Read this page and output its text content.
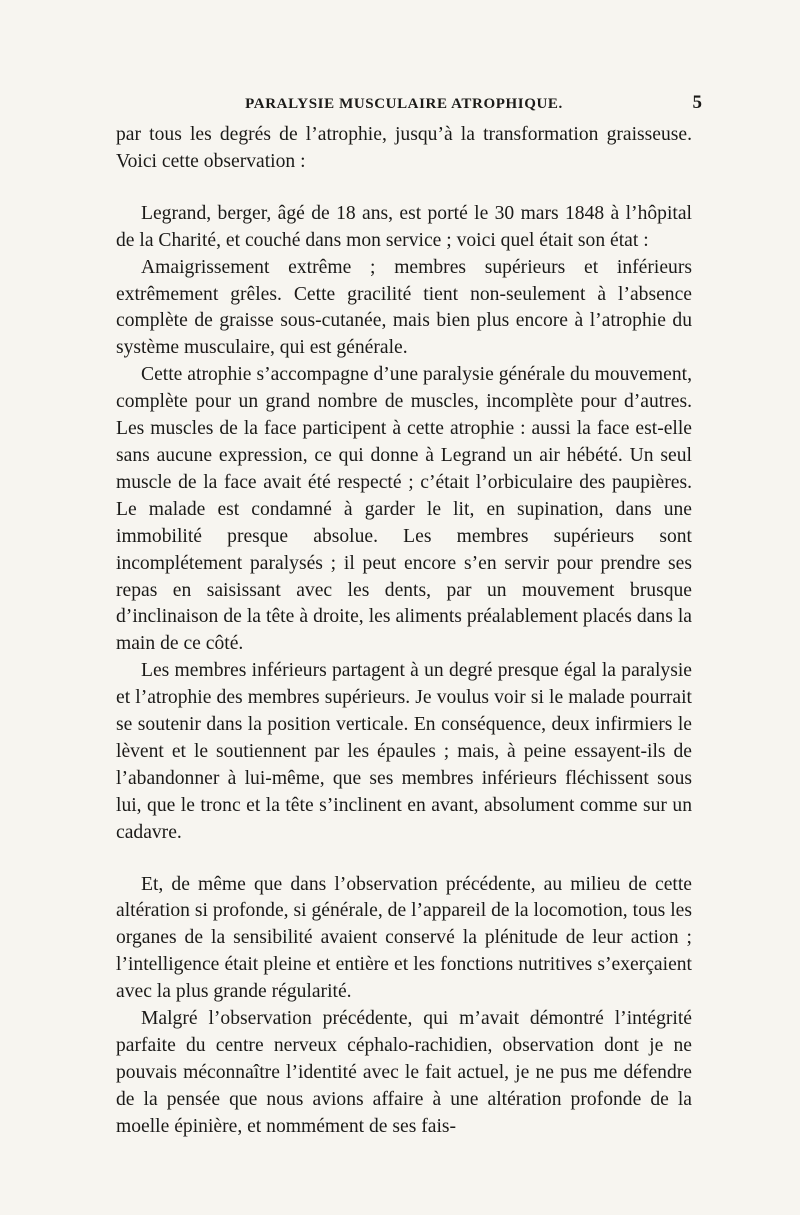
PARALYSIE MUSCULAIRE ATROPHIQUE.	5

par tous les degrés de l’atrophie, jusqu’à la transformation graisseuse. Voici cette observation :

Legrand, berger, âgé de 18 ans, est porté le 30 mars 1848 à l’hôpital de la Charité, et couché dans mon service ; voici quel était son état :

Amaigrissement extrême ; membres supérieurs et inférieurs extrêmement grêles. Cette gracilité tient non-seulement à l’absence complète de graisse sous-cutanée, mais bien plus encore à l’atrophie du système musculaire, qui est générale.

Cette atrophie s’accompagne d’une paralysie générale du mouvement, complète pour un grand nombre de muscles, incomplète pour d’autres. Les muscles de la face participent à cette atrophie : aussi la face est-elle sans aucune expression, ce qui donne à Legrand un air hébété. Un seul muscle de la face avait été respecté ; c’était l’orbiculaire des paupières. Le malade est condamné à garder le lit, en supination, dans une immobilité presque absolue. Les membres supérieurs sont incomplétement paralysés ; il peut encore s’en servir pour prendre ses repas en saisissant avec les dents, par un mouvement brusque d’inclinaison de la tête à droite, les aliments préalablement placés dans la main de ce côté.

Les membres inférieurs partagent à un degré presque égal la paralysie et l’atrophie des membres supérieurs. Je voulus voir si le malade pourrait se soutenir dans la position verticale. En conséquence, deux infirmiers le lèvent et le soutiennent par les épaules ; mais, à peine essayent-ils de l’abandonner à lui-même, que ses membres inférieurs fléchissent sous lui, que le tronc et la tête s’inclinent en avant, absolument comme sur un cadavre.

Et, de même que dans l’observation précédente, au milieu de cette altération si profonde, si générale, de l’appareil de la locomotion, tous les organes de la sensibilité avaient conservé la plénitude de leur action ; l’intelligence était pleine et entière et les fonctions nutritives s’exerçaient avec la plus grande régularité.

Malgré l’observation précédente, qui m’avait démontré l’intégrité parfaite du centre nerveux céphalo-rachidien, observation dont je ne pouvais méconnaître l’identité avec le fait actuel, je ne pus me défendre de la pensée que nous avions affaire à une altération profonde de la moelle épinière, et nommément de ses fais-
